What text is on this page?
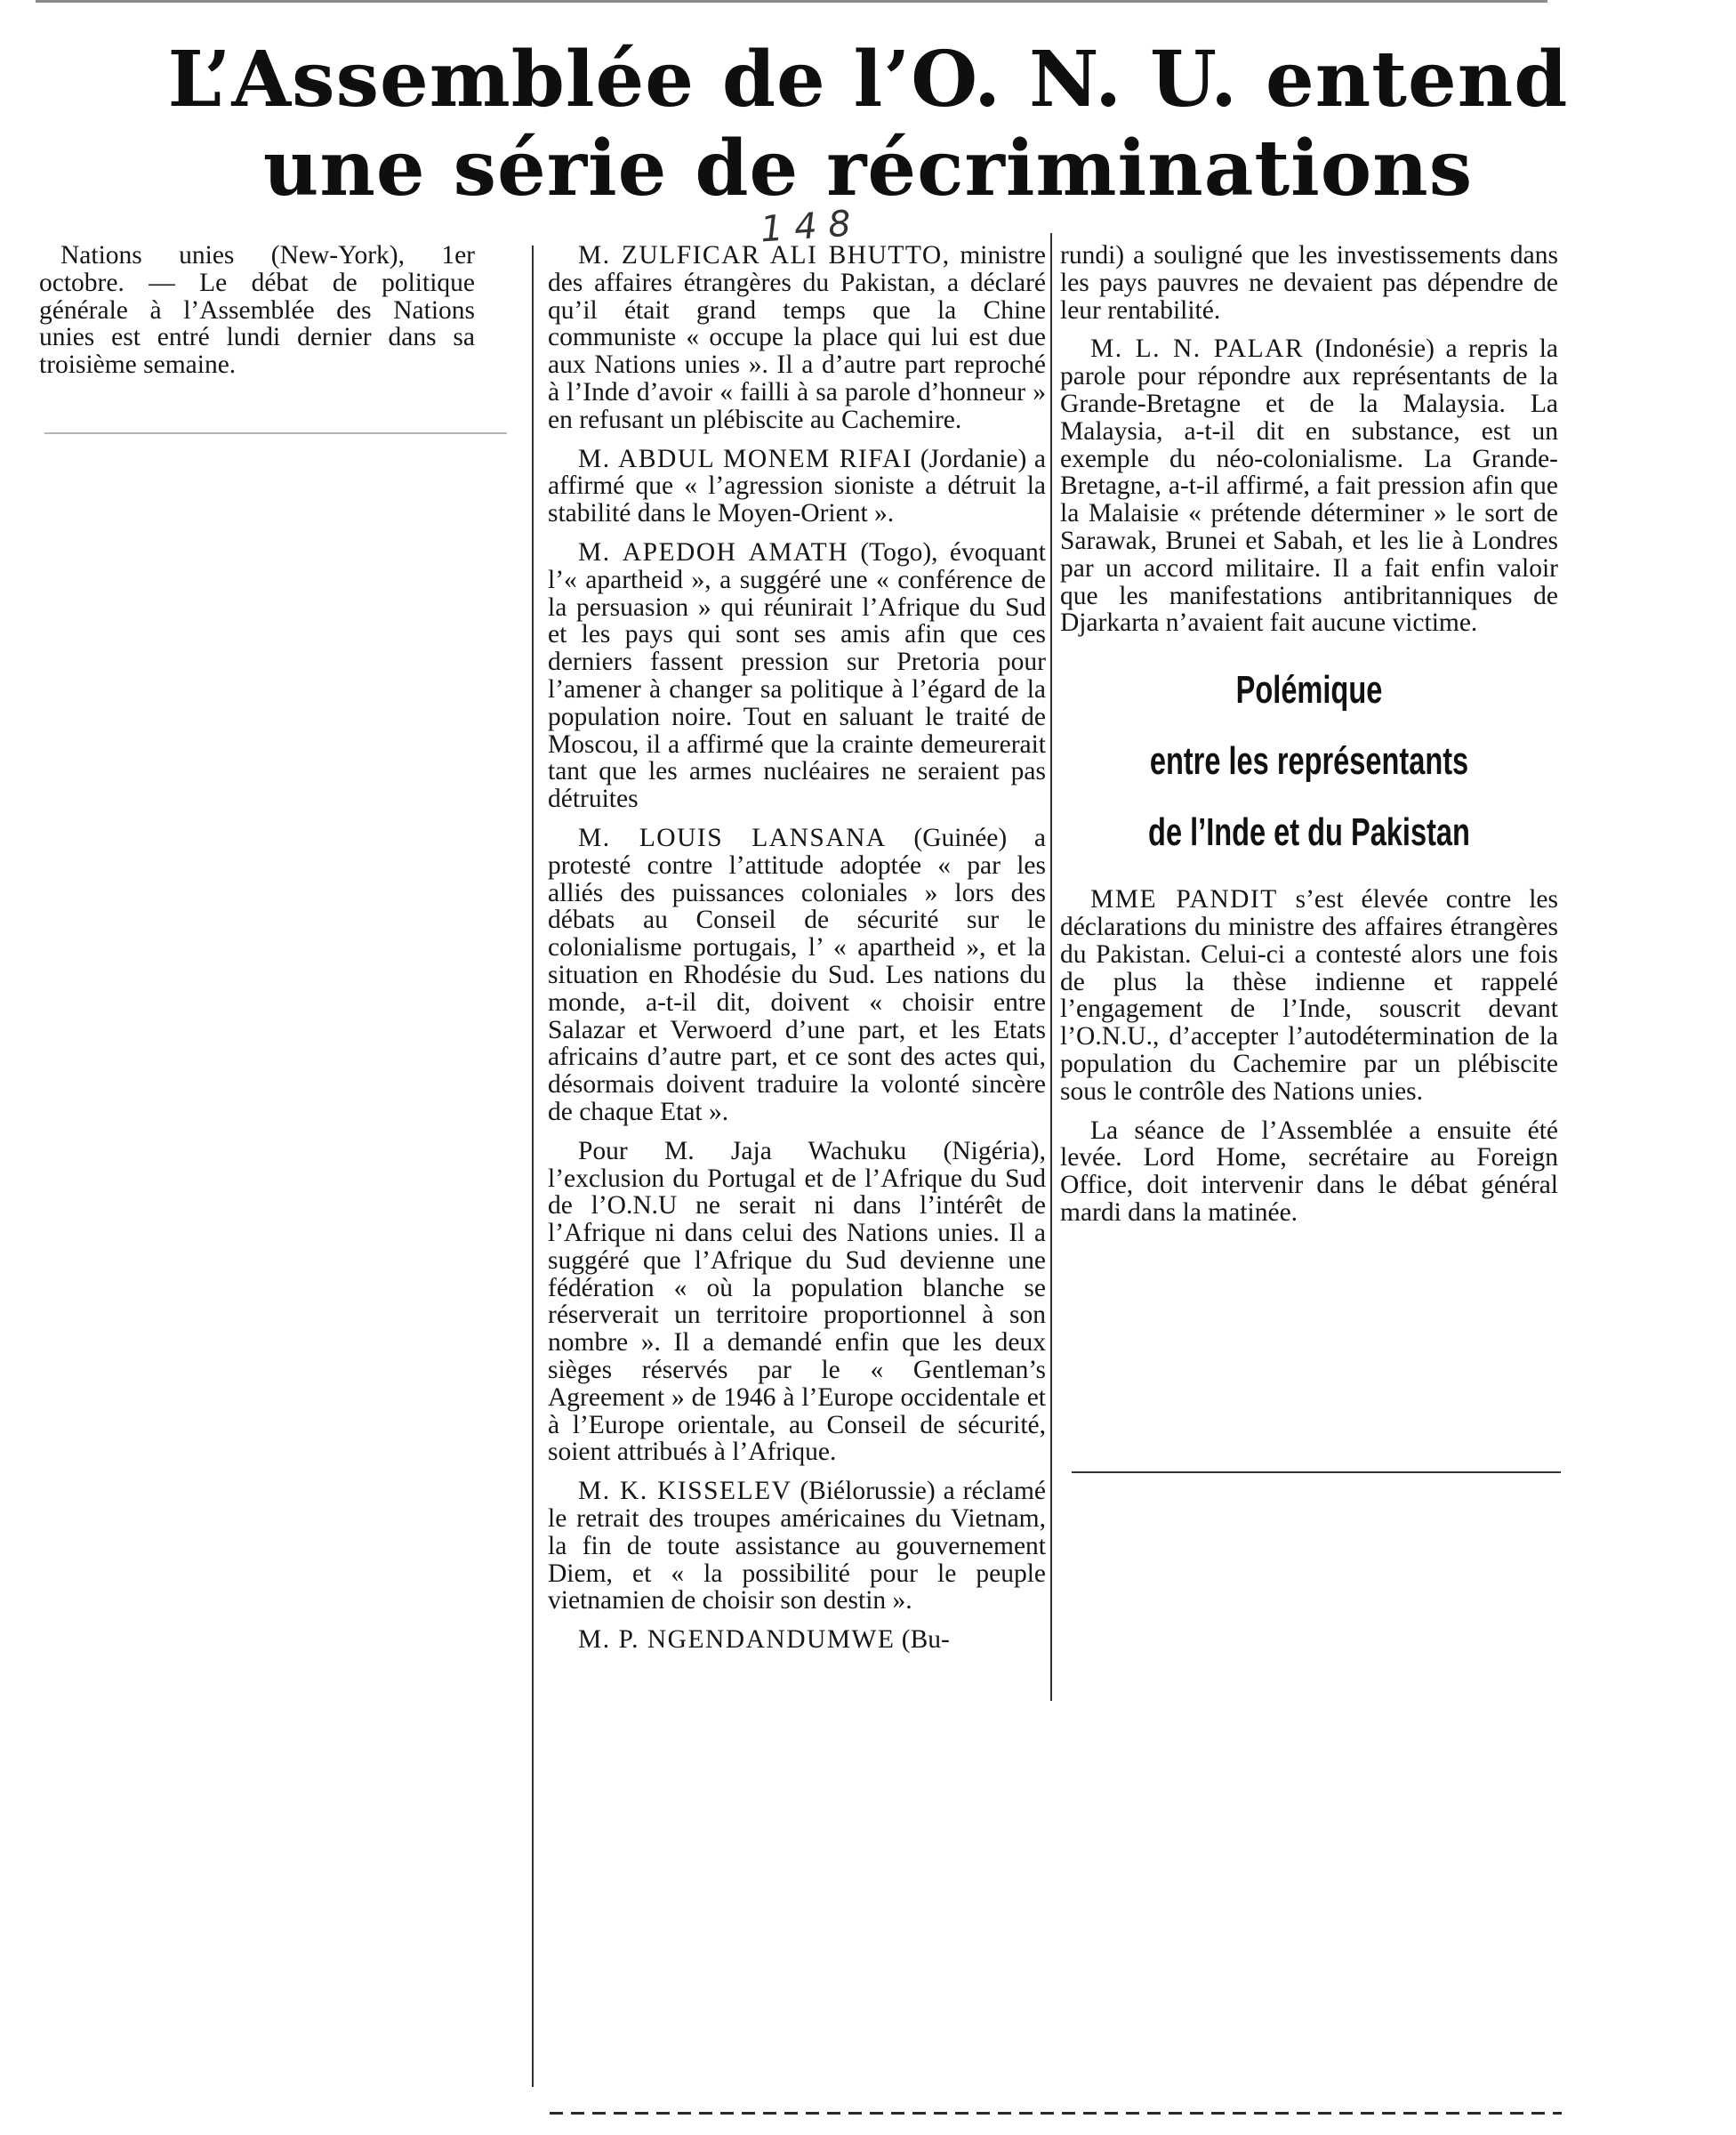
L’Assemblée de l’O. N. U. entend
une série de récriminations
1 4 8

Nations unies (New-York), 1er octobre. — Le débat de politique générale à l’Assemblée des Nations unies est entré lundi dernier dans sa troisième semaine.

M. ZULFICAR ALI BHUTTO, ministre des affaires étrangères du Pakistan, a déclaré qu’il était grand temps que la Chine communiste « occupe la place qui lui est due aux Nations unies ». Il a d’autre part reproché à l’Inde d’avoir « failli à sa parole d’honneur » en refusant un plébiscite au Cachemire.

M. ABDUL MONEM RIFAI (Jordanie) a affirmé que « l’agression sioniste a détruit la stabilité dans le Moyen-Orient ».

M. APEDOH AMATH (Togo), évoquant l’« apartheid », a suggéré une « conférence de la persuasion » qui réunirait l’Afrique du Sud et les pays qui sont ses amis afin que ces derniers fassent pression sur Pretoria pour l’amener à changer sa politique à l’égard de la population noire. Tout en saluant le traité de Moscou, il a affirmé que la crainte demeurerait tant que les armes nucléaires ne seraient pas détruites

M. LOUIS LANSANA (Guinée) a protesté contre l’attitude adoptée « par les alliés des puissances coloniales » lors des débats au Conseil de sécurité sur le colonialisme portugais, l’ « apartheid », et la situation en Rhodésie du Sud. Les nations du monde, a-t-il dit, doivent « choisir entre Salazar et Verwoerd d’une part, et les Etats africains d’autre part, et ce sont des actes qui, désormais doivent traduire la volonté sincère de chaque Etat ».

Pour M. Jaja Wachuku (Nigéria), l’exclusion du Portugal et de l’Afrique du Sud de l’O.N.U ne serait ni dans l’intérêt de l’Afrique ni dans celui des Nations unies. Il a suggéré que l’Afrique du Sud devienne une fédération « où la population blanche se réserverait un territoire proportionnel à son nombre ». Il a demandé enfin que les deux sièges réservés par le « Gentleman’s Agreement » de 1946 à l’Europe occidentale et à l’Europe orientale, au Conseil de sécurité, soient attribués à l’Afrique.

M. K. KISSELEV (Biélorussie) a réclamé le retrait des troupes américaines du Vietnam, la fin de toute assistance au gouvernement Diem, et « la possibilité pour le peuple vietnamien de choisir son destin ».

M. P. NGENDANDUMWE (Bu-

rundi) a souligné que les investissements dans les pays pauvres ne devaient pas dépendre de leur rentabilité.

M. L. N. PALAR (Indonésie) a repris la parole pour répondre aux représentants de la Grande-Bretagne et de la Malaysia. La Malaysia, a-t-il dit en substance, est un exemple du néo-colonialisme. La Grande-Bretagne, a-t-il affirmé, a fait pression afin que la Malaisie « prétende déterminer » le sort de Sarawak, Brunei et Sabah, et les lie à Londres par un accord militaire. Il a fait enfin valoir que les manifestations antibritanniques de Djarkarta n’avaient fait aucune victime.

Polémique
entre les représentants
de l’Inde et du Pakistan

MME PANDIT s’est élevée contre les déclarations du ministre des affaires étrangères du Pakistan. Celui-ci a contesté alors une fois de plus la thèse indienne et rappelé l’engagement de l’Inde, souscrit devant l’O.N.U., d’accepter l’autodétermination de la population du Cachemire par un plébiscite sous le contrôle des Nations unies.

La séance de l’Assemblée a ensuite été levée. Lord Home, secrétaire au Foreign Office, doit intervenir dans le débat général mardi dans la matinée.
